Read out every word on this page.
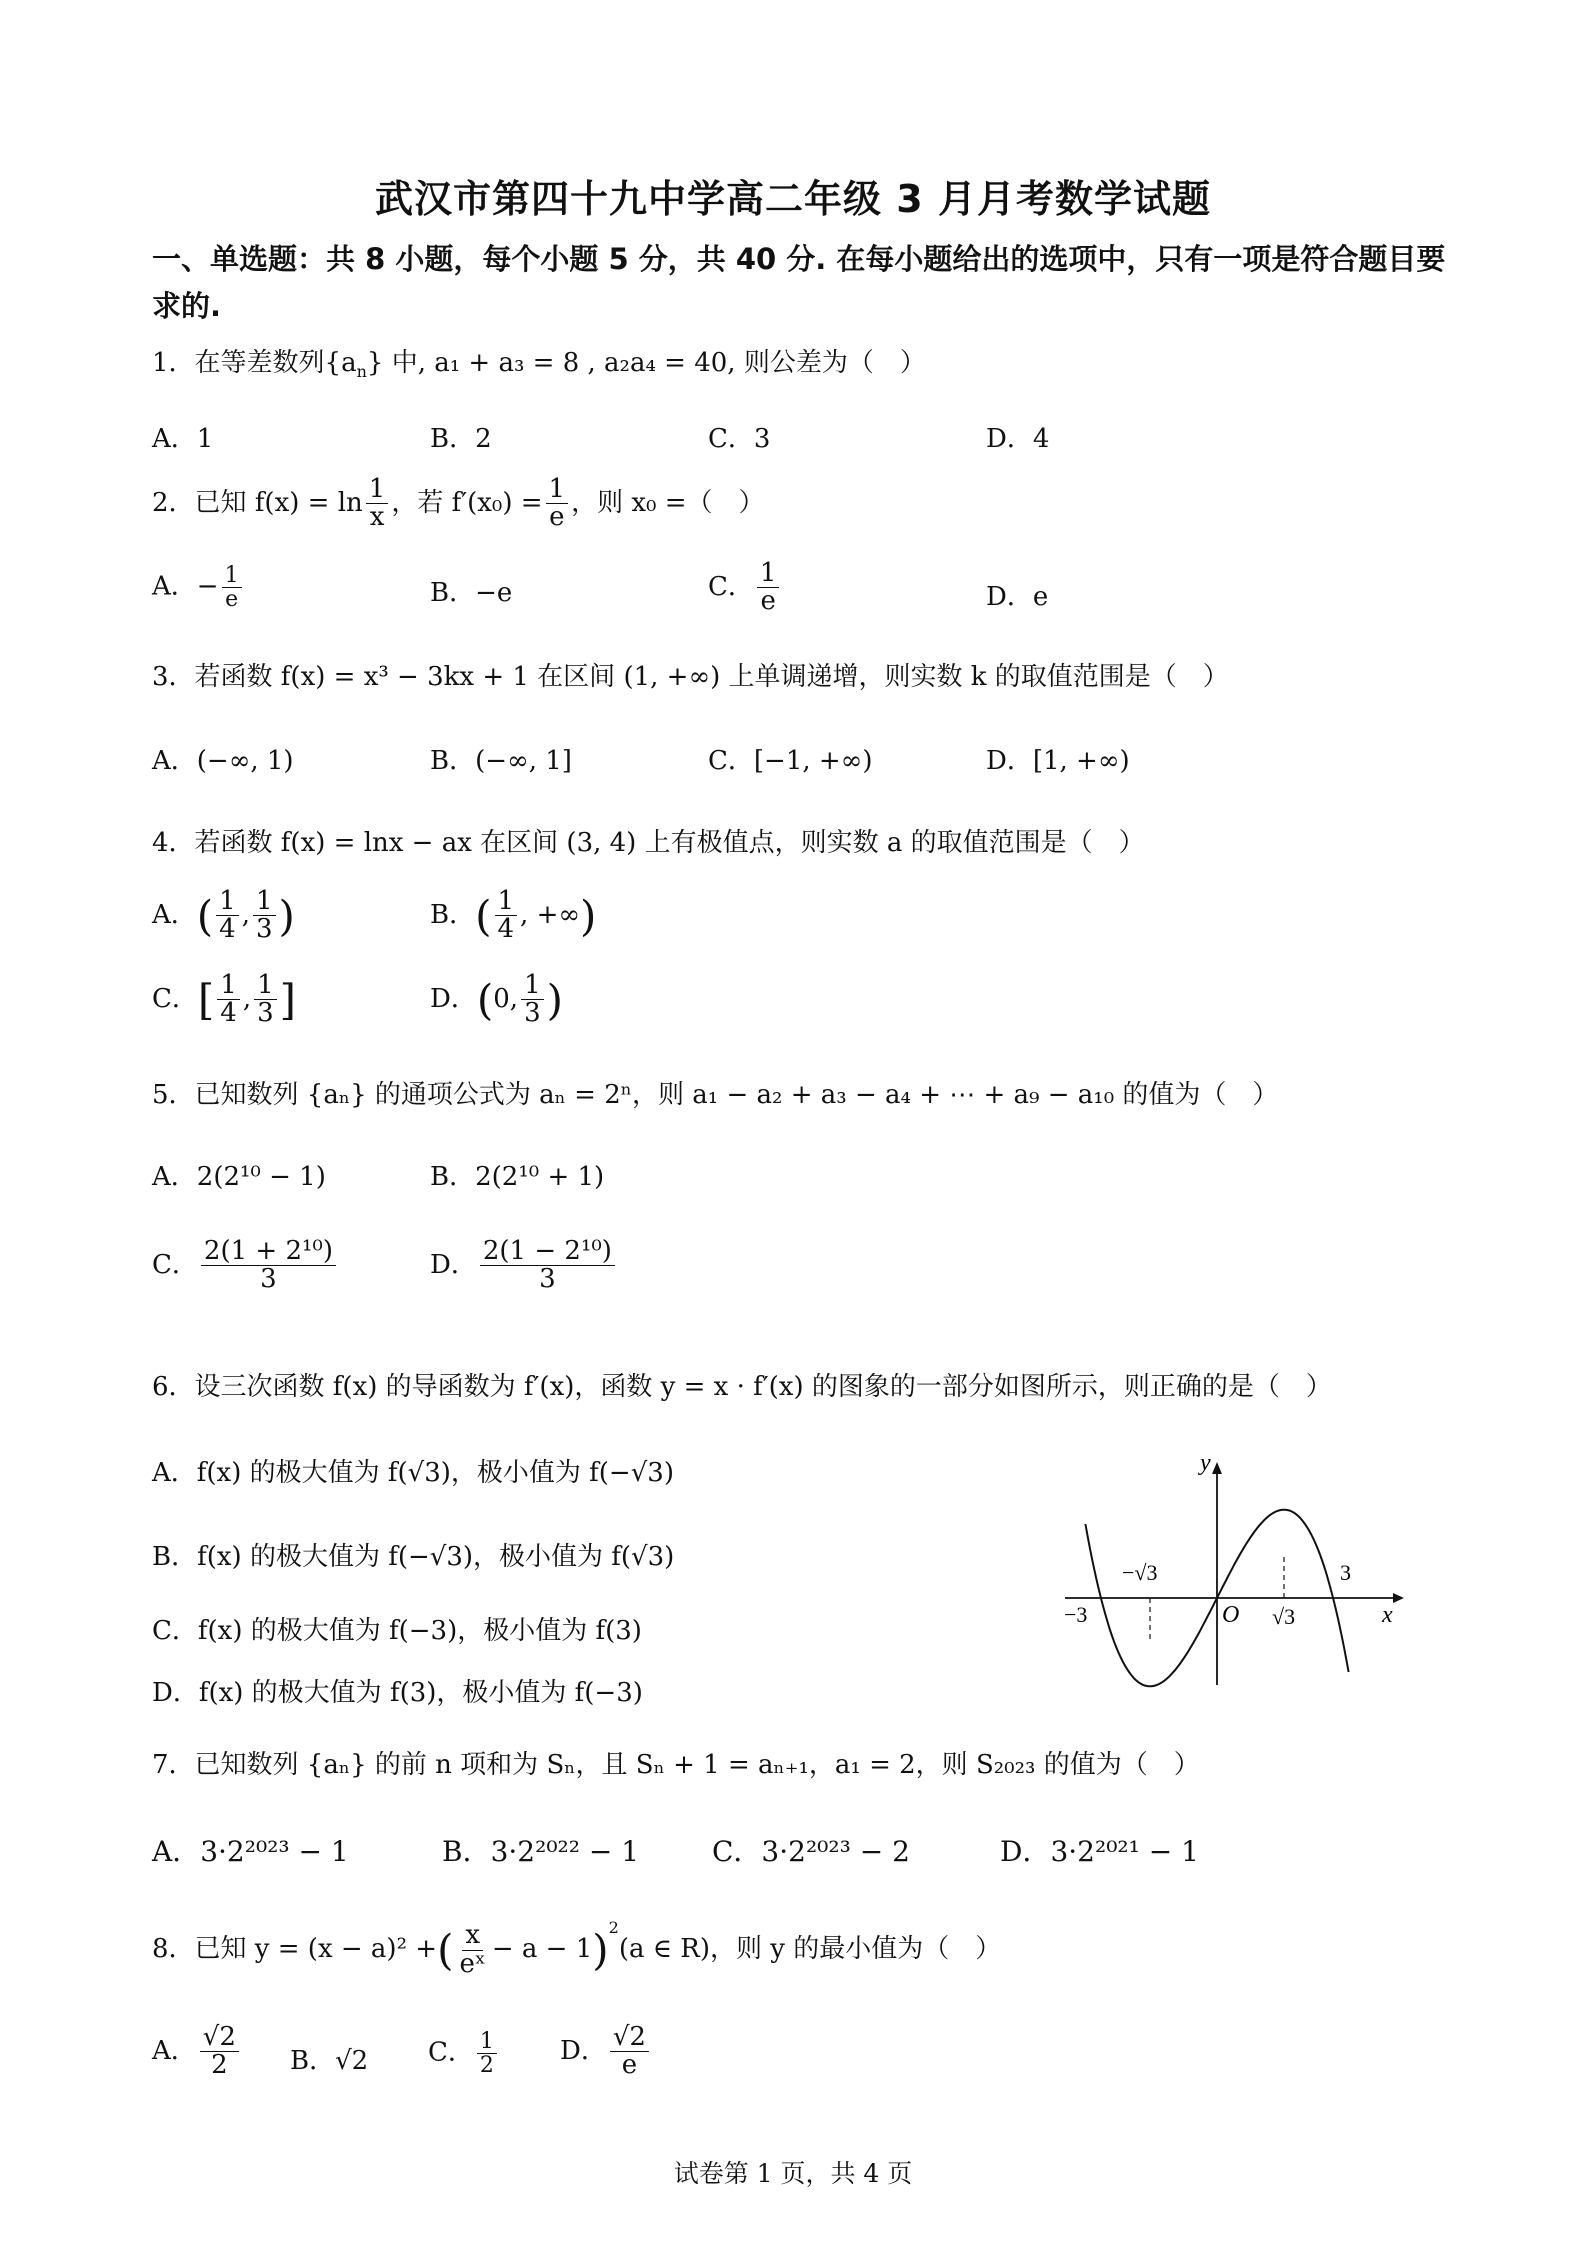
武汉市第四十九中学高二年级 3 月月考数学试题
一、单选题：共 8 小题，每个小题 5 分，共 40 分. 在每小题给出的选项中，只有一项是符合题目要求的.
1．在等差数列$\{a_n\}$ 中, a₁ + a₃ = 8 , a₂a₄ = 40, 则公差为（　）
A．1	B．2	C．3	D．4
2．已知 $f(x) = \ln \frac{1}{x}$ ，若 $f'(x_0) = \frac{1}{e}$ ，则 x₀ =（　）
A．− $\frac{1}{e}$	B．−e	C． $\frac{1}{e}$	D．e
3．若函数 f(x) = x³ − 3kx + 1 在区间 (1, +∞) 上单调递增，则实数 k 的取值范围是（　）
A．(−∞, 1)	B．(−∞, 1]	C．[−1, +∞)	D．[1, +∞)
4．若函数 f(x) = lnx − ax 在区间 (3, 4) 上有极值点，则实数 a 的取值范围是（　）
A．( $\frac{1}{4}$ , $\frac{1}{3}$ )	B．( $\frac{1}{4}$ , +∞)
C．[ $\frac{1}{4}$ , $\frac{1}{3}$ ]	D．(0, $\frac{1}{3}$ )
5．已知数列 {aₙ} 的通项公式为 aₙ = 2ⁿ，则 a₁ − a₂ + a₃ − a₄ + ⋯ + a₉ − a₁₀ 的值为（　）
A．2(2¹⁰ − 1)	B．2(2¹⁰ + 1)
C． $\frac{\text{2(1 + 2¹⁰)}}{3}$	D． $\frac{\text{2(1 − 2¹⁰)}}{3}$
6．设三次函数 f(x) 的导函数为 f′(x)，函数 y = x · f′(x) 的图象的一部分如图所示，则正确的是（　）
A．f(x) 的极大值为 f(√3)，极小值为 f(−√3)
B．f(x) 的极大值为 f(−√3)，极小值为 f(√3)
C．f(x) 的极大值为 f(−3)，极小值为 f(3)
D．f(x) 的极大值为 f(3)，极小值为 f(−3)
y
x
O
−3
−√3
√3
3
7．已知数列 {aₙ} 的前 n 项和为 Sₙ，且 Sₙ + 1 = aₙ₊₁，a₁ = 2，则 S₂₀₂₃ 的值为（　）
A．3·2²⁰²³ − 1	B．3·2²⁰²² − 1	C．3·2²⁰²³ − 2	D．3·2²⁰²¹ − 1
8．已知 y = (x − a)² +( $\frac{x}{\text{eˣ}} - a - 1)^2(a$ ∈ R)，则 y 的最小值为（　）
A． $\frac{√2}{2}$ B．√2 C． $\frac{1}{2}$ D． $\frac{√2}{e}$
试卷第 1 页，共 4 页
